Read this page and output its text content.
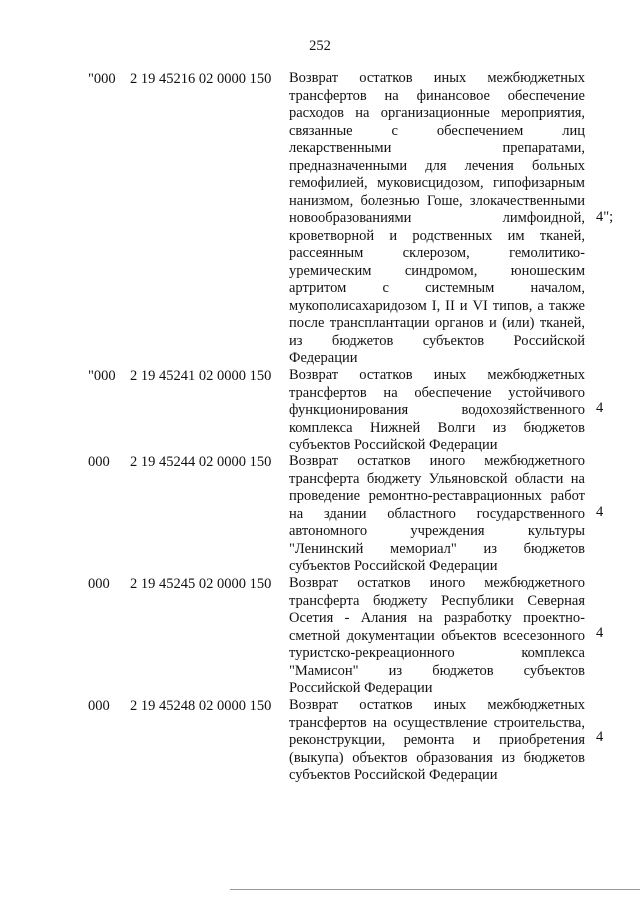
252
"000 2 19 45216 02 0000 150	Возврат остатков иных межбюджетных
трансфертов на финансовое обеспечение
расходов на организационные мероприятия,
связанные с обеспечением лиц
лекарственными препаратами,
предназначенными для лечения больных
гемофилией, муковисцидозом, гипофизарным
нанизмом, болезнью Гоше, злокачественными
новообразованиями лимфоидной,
кроветворной и родственных им тканей,
рассеянным склерозом, гемолитико-
уремическим синдромом, юношеским
артритом с системным началом,
мукополисахаридозом I, II и VI типов, а также
после трансплантации органов и (или) тканей,
из бюджетов субъектов Российской
Федерации
4";
"000 2 19 45241 02 0000 150	Возврат остатков иных межбюджетных
трансфертов на обеспечение устойчивого
функционирования водохозяйственного
комплекса Нижней Волги из бюджетов
субъектов Российской Федерации
4
000	2 19 45244 02 0000 150	Возврат остатков иного межбюджетного
трансферта бюджету Ульяновской области на
проведение ремонтно-реставрационных работ
на здании областного государственного
автономного учреждения культуры
"Ленинский мемориал" из бюджетов
субъектов Российской Федерации
4
000	2 19 45245 02 0000 150	Возврат остатков иного межбюджетного
трансферта бюджету Республики Северная
Осетия - Алания на разработку проектно-
сметной документации объектов всесезонного
туристско-рекреационного комплекса
"Мамисон" из бюджетов субъектов
Российской Федерации
4
000	2 19 45248 02 0000 150	Возврат остатков иных межбюджетных
трансфертов на осуществление строительства,
реконструкции, ремонта и приобретения
(выкупа) объектов образования из бюджетов
субъектов Российской Федерации
4
